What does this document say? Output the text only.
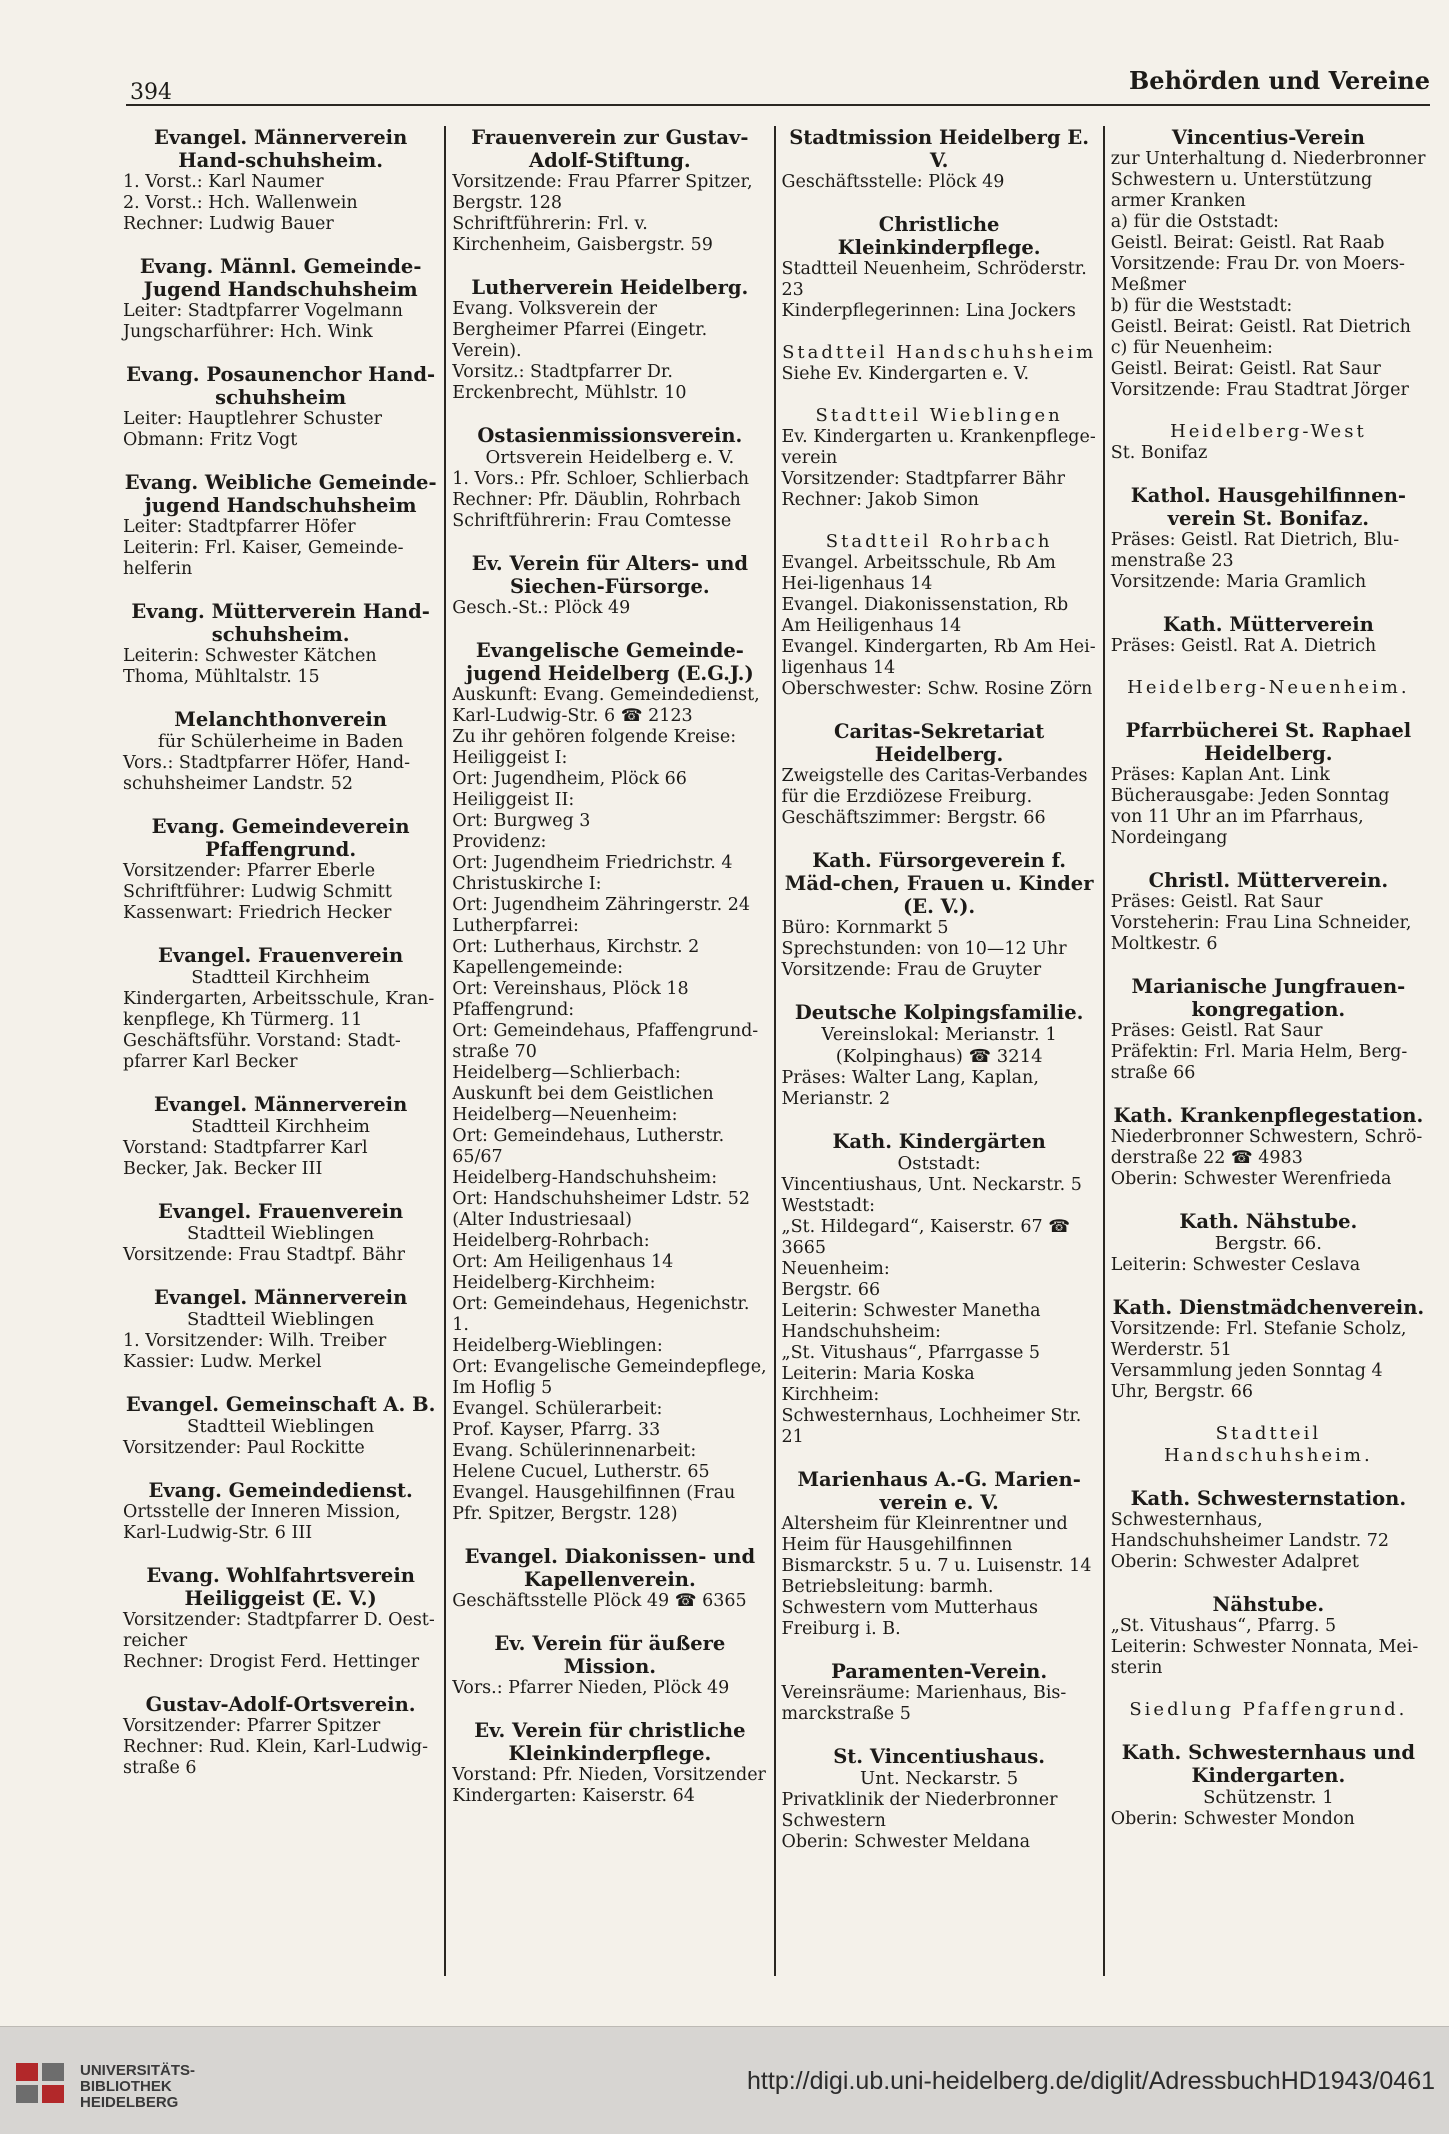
394	Behörden und Vereine
Evangel. Männerverein Hand-schuhsheim.
1. Vorst.: Karl Naumer
2. Vorst.: Hch. Wallenwein
Rechner: Ludwig Bauer
Evang. Männl. Gemeinde-Jugend Handschuhsheim
Leiter: Stadtpfarrer Vogelmann
Jungscharführer: Hch. Wink
Evang. Posaunenchor Hand-schuhsheim
Leiter: Hauptlehrer Schuster
Obmann: Fritz Vogt
Evang. Weibliche Gemeinde-jugend Handschuhsheim
Leiter: Stadtpfarrer Höfer
Leiterin: Frl. Kaiser, Gemeinde-helferin
Evang. Mütterverein Hand-schuhsheim.
Leiterin: Schwester Kätchen Thoma, Mühltalstr. 15
Melanchthonverein
für Schülerheime in Baden
Vors.: Stadtpfarrer Höfer, Hand-schuhsheimer Landstr. 52
Evang. Gemeindeverein Pfaffengrund.
Vorsitzender: Pfarrer Eberle
Schriftführer: Ludwig Schmitt
Kassenwart: Friedrich Hecker
Evangel. Frauenverein
Stadtteil Kirchheim
Kindergarten, Arbeitsschule, Kran-kenpflege, Kh Türmerg. 11
Geschäftsführ. Vorstand: Stadt-pfarrer Karl Becker
Evangel. Männerverein
Stadtteil Kirchheim
Vorstand: Stadtpfarrer Karl Becker, Jak. Becker III
Evangel. Frauenverein
Stadtteil Wieblingen
Vorsitzende: Frau Stadtpf. Bähr
Evangel. Männerverein
Stadtteil Wieblingen
1. Vorsitzender: Wilh. Treiber
Kassier: Ludw. Merkel
Evangel. Gemeinschaft A. B.
Stadtteil Wieblingen
Vorsitzender: Paul Rockitte
Evang. Gemeindedienst.
Ortsstelle der Inneren Mission, Karl-Ludwig-Str. 6 III
Evang. Wohlfahrtsverein Heiliggeist (E. V.)
Vorsitzender: Stadtpfarrer D. Oest-reicher
Rechner: Drogist Ferd. Hettinger
Gustav-Adolf-Ortsverein.
Vorsitzender: Pfarrer Spitzer
Rechner: Rud. Klein, Karl-Ludwig-straße 6
Frauenverein zur Gustav-Adolf-Stiftung.
Vorsitzende: Frau Pfarrer Spitzer, Bergstr. 128
Schriftführerin: Frl. v. Kirchenheim, Gaisbergstr. 59
Lutherverein Heidelberg.
Evang. Volksverein der Bergheimer Pfarrei (Eingetr. Verein).
Vorsitz.: Stadtpfarrer Dr. Erckenbrecht, Mühlstr. 10
Ostasienmissionsverein.
Ortsverein Heidelberg e. V.
1. Vors.: Pfr. Schloer, Schlierbach
Rechner: Pfr. Däublin, Rohrbach
Schriftführerin: Frau Comtesse
Ev. Verein für Alters- und Siechen-Fürsorge.
Gesch.-St.: Plöck 49
Evangelische Gemeinde-jugend Heidelberg (E.G.J.)
Auskunft: Evang. Gemeindedienst, Karl-Ludwig-Str. 6 ☎ 2123
Zu ihr gehören folgende Kreise:
Heiliggeist I:
Ort: Jugendheim, Plöck 66
Heiliggeist II:
Ort: Burgweg 3
Providenz:
Ort: Jugendheim Friedrichstr. 4
Christuskirche I:
Ort: Jugendheim Zähringerstr. 24
Lutherpfarrei:
Ort: Lutherhaus, Kirchstr. 2
Kapellengemeinde:
Ort: Vereinshaus, Plöck 18
Pfaffengrund:
Ort: Gemeindehaus, Pfaffengrund-straße 70
Heidelberg—Schlierbach:
Auskunft bei dem Geistlichen
Heidelberg—Neuenheim:
Ort: Gemeindehaus, Lutherstr. 65/67
Heidelberg-Handschuhsheim:
Ort: Handschuhsheimer Ldstr. 52 (Alter Industriesaal)
Heidelberg-Rohrbach:
Ort: Am Heiligenhaus 14
Heidelberg-Kirchheim:
Ort: Gemeindehaus, Hegenichstr. 1.
Heidelberg-Wieblingen:
Ort: Evangelische Gemeindepflege, Im Hoflig 5
Evangel. Schülerarbeit:
Prof. Kayser, Pfarrg. 33
Evang. Schülerinnenarbeit:
Helene Cucuel, Lutherstr. 65
Evangel. Hausgehilfinnen (Frau Pfr. Spitzer, Bergstr. 128)
Evangel. Diakonissen- und Kapellenverein.
Geschäftsstelle Plöck 49 ☎ 6365
Ev. Verein für äußere Mission.
Vors.: Pfarrer Nieden, Plöck 49
Ev. Verein für christliche Kleinkinderpflege.
Vorstand: Pfr. Nieden, Vorsitzender
Kindergarten: Kaiserstr. 64
Stadtmission Heidelberg E. V.
Geschäftsstelle: Plöck 49
Christliche Kleinkinderpflege.
Stadtteil Neuenheim, Schröderstr. 23
Kinderpflegerinnen: Lina Jockers
Stadtteil Handschuhsheim
Siehe Ev. Kindergarten e. V.
Stadtteil Wieblingen
Ev. Kindergarten u. Krankenpflege-verein
Vorsitzender: Stadtpfarrer Bähr
Rechner: Jakob Simon
Stadtteil Rohrbach
Evangel. Arbeitsschule, Rb Am Hei-ligenhaus 14
Evangel. Diakonissenstation, Rb Am Heiligenhaus 14
Evangel. Kindergarten, Rb Am Hei-ligenhaus 14
Oberschwester: Schw. Rosine Zörn
Caritas-Sekretariat Heidelberg.
Zweigstelle des Caritas-Verbandes für die Erzdiözese Freiburg.
Geschäftszimmer: Bergstr. 66
Kath. Fürsorgeverein f. Mäd-chen, Frauen u. Kinder (E. V.).
Büro: Kornmarkt 5
Sprechstunden: von 10—12 Uhr
Vorsitzende: Frau de Gruyter
Deutsche Kolpingsfamilie.
Vereinslokal: Merianstr. 1 (Kolpinghaus) ☎ 3214
Präses: Walter Lang, Kaplan, Merianstr. 2
Kath. Kindergärten
Oststadt:
Vincentiushaus, Unt. Neckarstr. 5
Weststadt:
„St. Hildegard“, Kaiserstr. 67 ☎ 3665
Neuenheim:
Bergstr. 66
Leiterin: Schwester Manetha
Handschuhsheim:
„St. Vitushaus“, Pfarrgasse 5
Leiterin: Maria Koska
Kirchheim:
Schwesternhaus, Lochheimer Str. 21
Marienhaus A.-G. Marien-verein e. V.
Altersheim für Kleinrentner und Heim für Hausgehilfinnen
Bismarckstr. 5 u. 7 u. Luisenstr. 14
Betriebsleitung: barmh. Schwestern vom Mutterhaus Freiburg i. B.
Paramenten-Verein.
Vereinsräume: Marienhaus, Bis-marckstraße 5
St. Vincentiushaus.
Unt. Neckarstr. 5
Privatklinik der Niederbronner Schwestern
Oberin: Schwester Meldana
Vincentius-Verein
zur Unterhaltung d. Niederbronner Schwestern u. Unterstützung armer Kranken
a) für die Oststadt:
Geistl. Beirat: Geistl. Rat Raab
Vorsitzende: Frau Dr. von Moers-Meßmer
b) für die Weststadt:
Geistl. Beirat: Geistl. Rat Dietrich
c) für Neuenheim:
Geistl. Beirat: Geistl. Rat Saur
Vorsitzende: Frau Stadtrat Jörger
Heidelberg-West
St. Bonifaz
Kathol. Hausgehilfinnen-verein St. Bonifaz.
Präses: Geistl. Rat Dietrich, Blu-menstraße 23
Vorsitzende: Maria Gramlich
Kath. Mütterverein
Präses: Geistl. Rat A. Dietrich
Heidelberg-Neuenheim.
Pfarrbücherei St. Raphael Heidelberg.
Präses: Kaplan Ant. Link
Bücherausgabe: Jeden Sonntag von 11 Uhr an im Pfarrhaus, Nordeingang
Christl. Mütterverein.
Präses: Geistl. Rat Saur
Vorsteherin: Frau Lina Schneider, Moltkestr. 6
Marianische Jungfrauen-kongregation.
Präses: Geistl. Rat Saur
Präfektin: Frl. Maria Helm, Berg-straße 66
Kath. Krankenpflegestation.
Niederbronner Schwestern, Schrö-derstraße 22 ☎ 4983
Oberin: Schwester Werenfrieda
Kath. Nähstube.
Bergstr. 66.
Leiterin: Schwester Ceslava
Kath. Dienstmädchenverein.
Vorsitzende: Frl. Stefanie Scholz, Werderstr. 51
Versammlung jeden Sonntag 4 Uhr, Bergstr. 66
Stadtteil Handschuhsheim.
Kath. Schwesternstation.
Schwesternhaus, Handschuhsheimer Landstr. 72
Oberin: Schwester Adalpret
Nähstube.
„St. Vitushaus“, Pfarrg. 5
Leiterin: Schwester Nonnata, Mei-sterin
Siedlung Pfaffengrund.
Kath. Schwesternhaus und Kindergarten.
Schützenstr. 1
Oberin: Schwester Mondon
UNIVERSITÄTS-
BIBLIOTHEK
HEIDELBERG
http://digi.ub.uni-heidelberg.de/diglit/AdressbuchHD1943/0461
